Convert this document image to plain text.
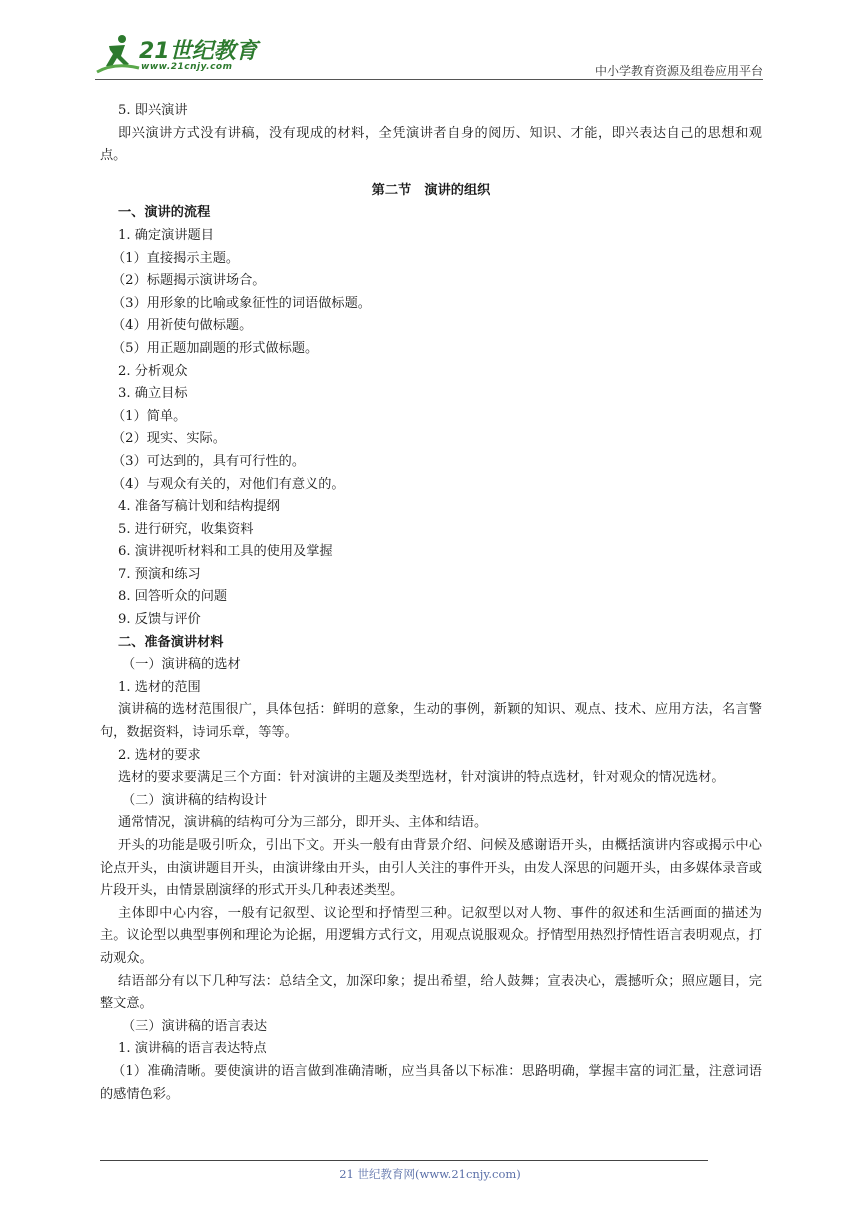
21世纪教育
www.21cnjy.com	中小学教育资源及组卷应用平台

5. 即兴演讲

即兴演讲方式没有讲稿，没有现成的材料，全凭演讲者自身的阅历、知识、才能，即兴表达自己的思想和观点。

第二节　演讲的组织

一、演讲的流程

1. 确定演讲题目

（1）直接揭示主题。

（2）标题揭示演讲场合。

（3）用形象的比喻或象征性的词语做标题。

（4）用祈使句做标题。

（5）用正题加副题的形式做标题。

2. 分析观众

3. 确立目标

（1）简单。

（2）现实、实际。

（3）可达到的，具有可行性的。

（4）与观众有关的，对他们有意义的。

4. 准备写稿计划和结构提纲

5. 进行研究，收集资料

6. 演讲视听材料和工具的使用及掌握

7. 预演和练习

8. 回答听众的问题

9. 反馈与评价

二、准备演讲材料

（一）演讲稿的选材

1. 选材的范围

演讲稿的选材范围很广，具体包括：鲜明的意象，生动的事例，新颖的知识、观点、技术、应用方法，名言警句，数据资料，诗词乐章，等等。

2. 选材的要求

选材的要求要满足三个方面：针对演讲的主题及类型选材，针对演讲的特点选材，针对观众的情况选材。

（二）演讲稿的结构设计

通常情况，演讲稿的结构可分为三部分，即开头、主体和结语。

开头的功能是吸引听众，引出下文。开头一般有由背景介绍、问候及感谢语开头，由概括演讲内容或揭示中心论点开头，由演讲题目开头，由演讲缘由开头，由引人关注的事件开头，由发人深思的问题开头，由多媒体录音或片段开头，由情景剧演绎的形式开头几种表述类型。

主体即中心内容，一般有记叙型、议论型和抒情型三种。记叙型以对人物、事件的叙述和生活画面的描述为主。议论型以典型事例和理论为论据，用逻辑方式行文，用观点说服观众。抒情型用热烈抒情性语言表明观点，打动观众。

结语部分有以下几种写法：总结全文，加深印象；提出希望，给人鼓舞；宣表决心，震撼听众；照应题目，完整文意。

（三）演讲稿的语言表达

1. 演讲稿的语言表达特点

（1）准确清晰。要使演讲的语言做到准确清晰，应当具备以下标准：思路明确，掌握丰富的词汇量，注意词语的感情色彩。

21 世纪教育网(www.21cnjy.com)
